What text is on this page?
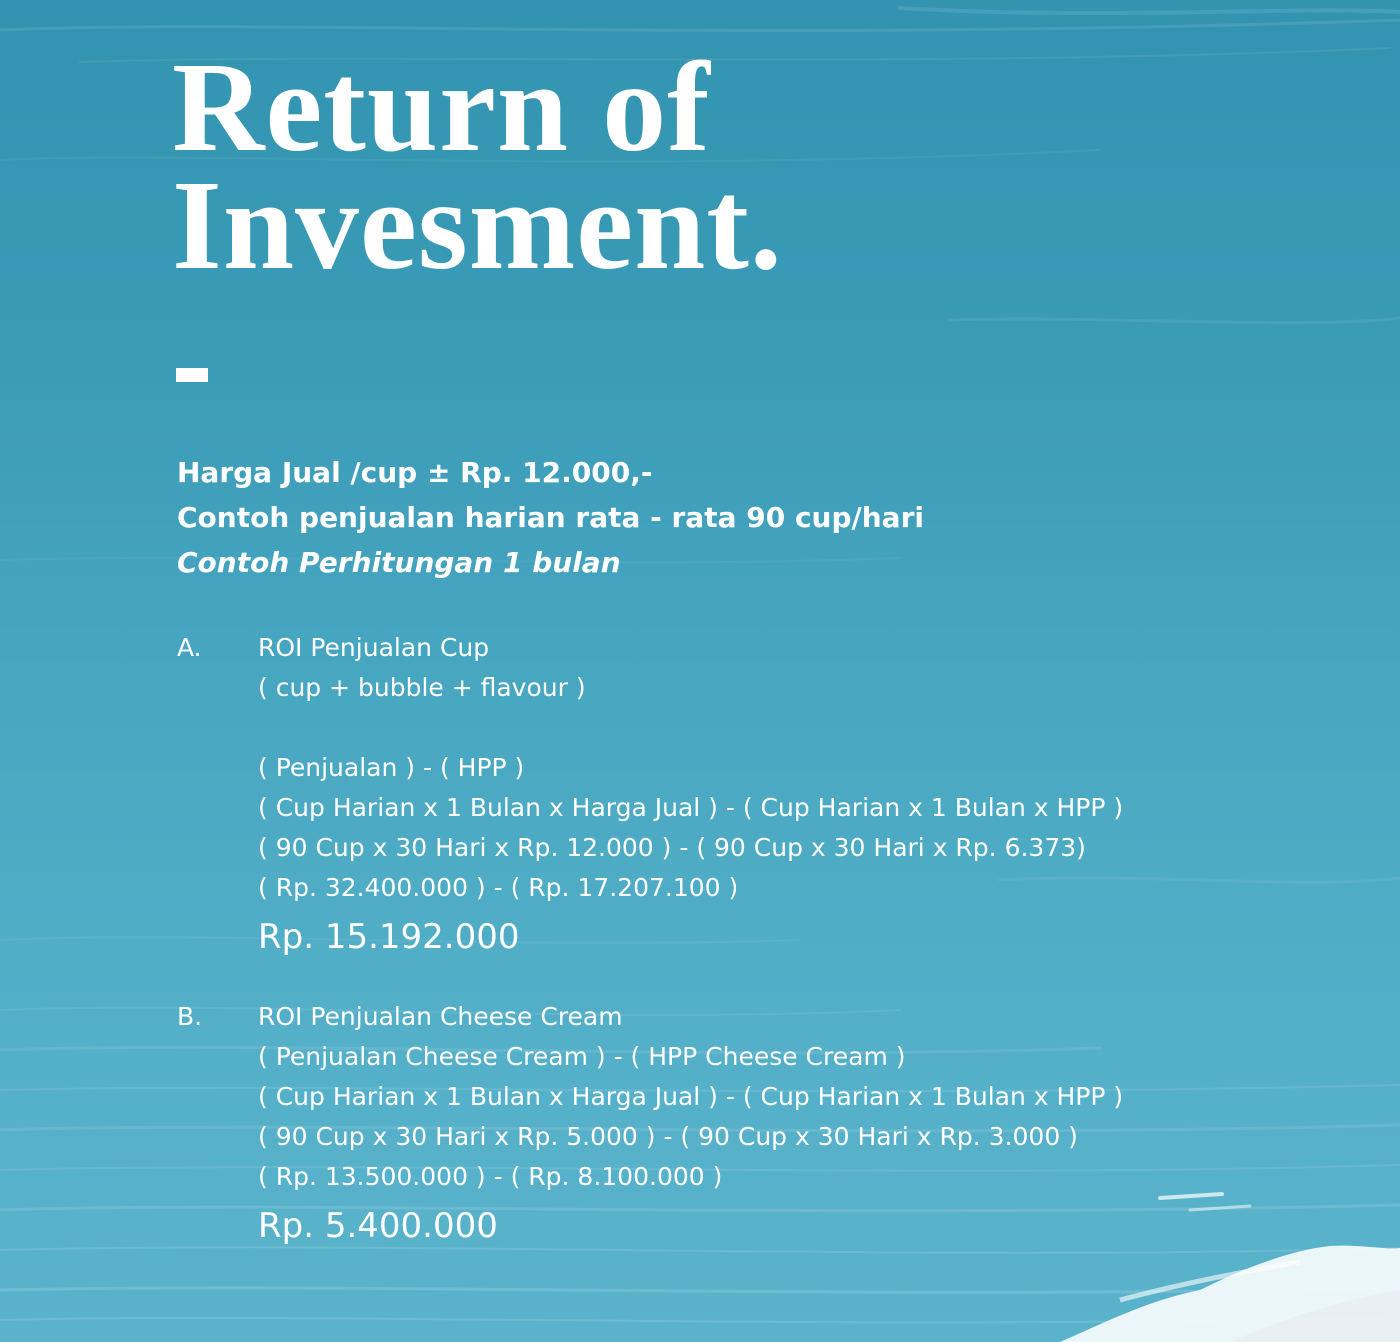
Return of
Invesment.
Harga Jual /cup ± Rp. 12.000,-
Contoh penjualan harian rata - rata 90 cup/hari
Contoh Perhitungan 1 bulan
A. ROI Penjualan Cup
( cup + bubble + flavour )
( Penjualan ) - ( HPP )
( Cup Harian x 1 Bulan x Harga Jual ) - ( Cup Harian x 1 Bulan x HPP )
( 90 Cup x 30 Hari x Rp. 12.000 ) - ( 90 Cup x 30 Hari x Rp. 6.373)
( Rp. 32.400.000 ) - ( Rp. 17.207.100 )
Rp. 15.192.000
B. ROI Penjualan Cheese Cream
( Penjualan Cheese Cream ) - ( HPP Cheese Cream )
( Cup Harian x 1 Bulan x Harga Jual ) - ( Cup Harian x 1 Bulan x HPP )
( 90 Cup x 30 Hari x Rp. 5.000 ) - ( 90 Cup x 30 Hari x Rp. 3.000 )
( Rp. 13.500.000 ) - ( Rp. 8.100.000 )
Rp. 5.400.000
